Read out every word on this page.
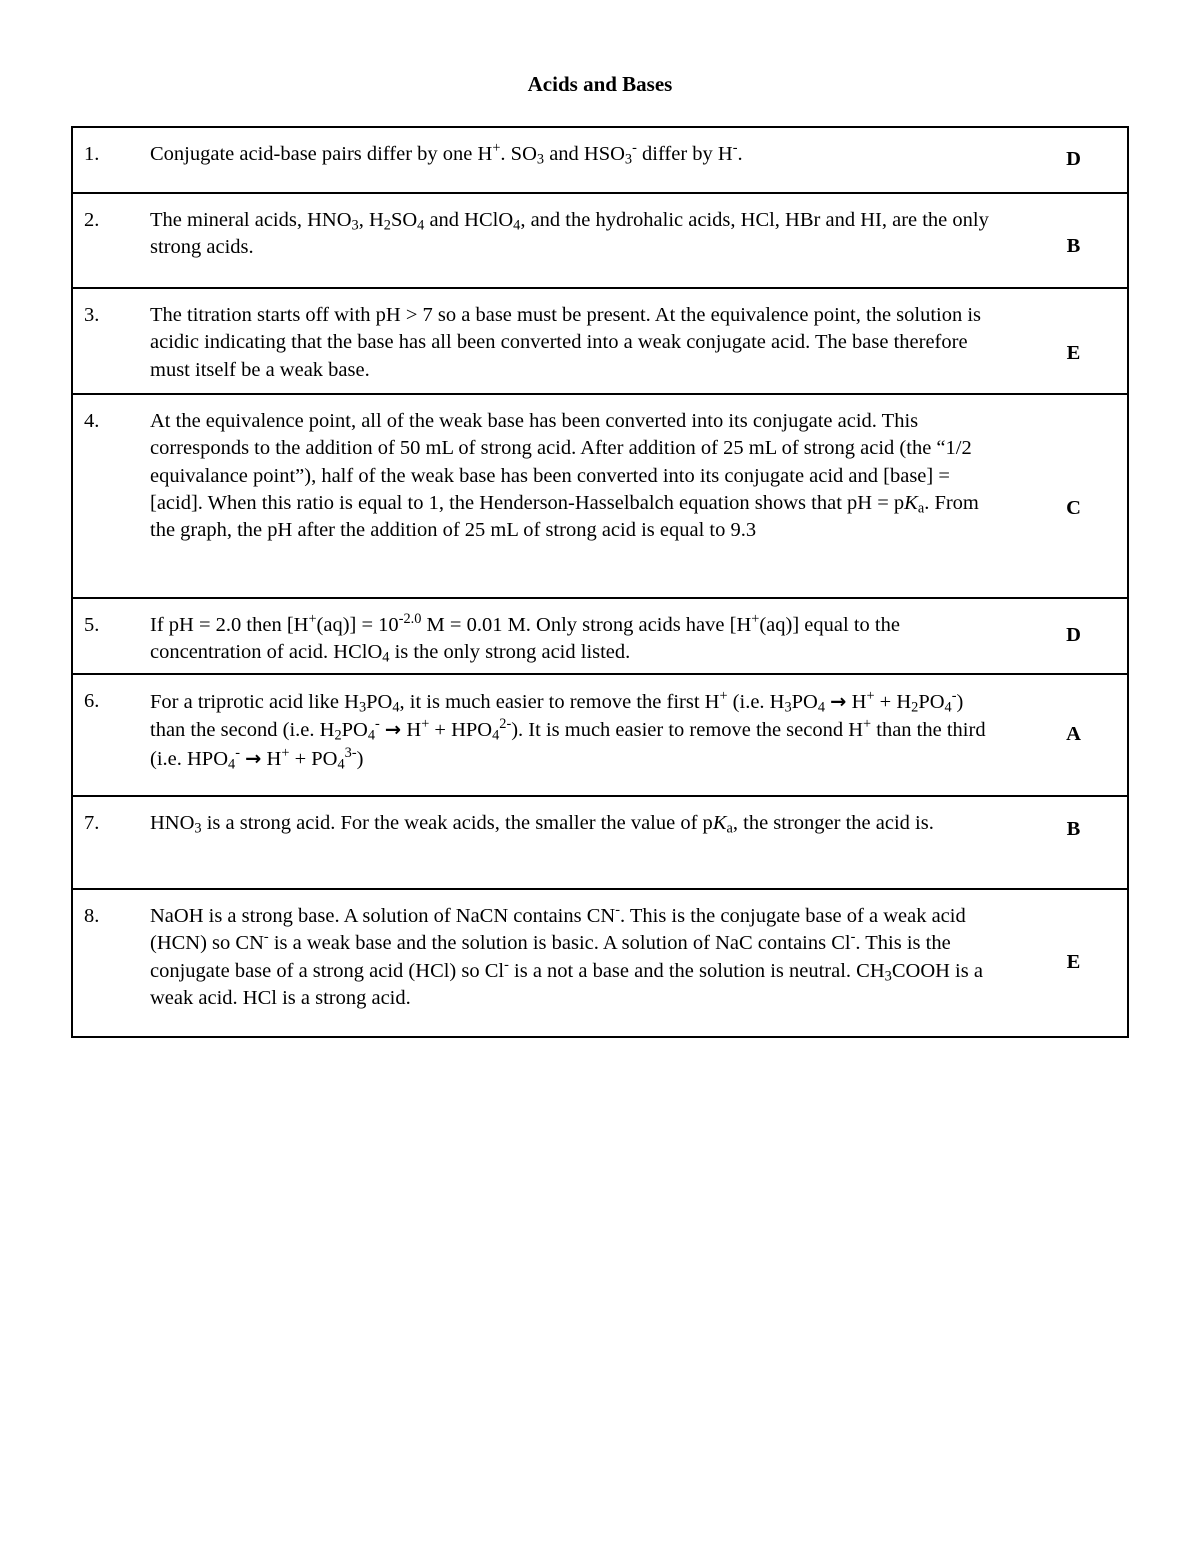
Acids and Bases
1.	Conjugate acid-base pairs differ by one H+. $SO_3$ and $HSO_3^-$ differ by H-.	D
2.	The mineral acids, $HNO_3$, $H_2SO_4$ and HClO$_4$, and the hydrohalic acids, HCl, HBr and HI, are the only strong acids.	B
3.	The titration starts off with pH > 7 so a base must be present. At the equivalence point, the solution is acidic indicating that the base has all been converted into a weak conjugate acid. The base therefore must itself be a weak base.	E
4.	At the equivalence point, all of the weak base has been converted into its conjugate acid. This corresponds to the addition of 50 mL of strong acid. After addition of 25 mL of strong acid (the “1/2 equivalance point”), half of the weak base has been converted into its conjugate acid and [base] = [acid]. When this ratio is equal to 1, the Henderson-Hasselbalch equation shows that pH = $pK_a$. From the graph, the pH after the addition of 25 mL of strong acid is equal to 9.3	C
5.	If pH = 2.0 then $[H^+(aq)] = 10^{-2.0}$ M = 0.01 M. Only strong acids have [H+(aq)] equal to the concentration of acid. HClO$_4$ is the only strong acid listed.	D
6.	For a triprotic acid like $H_3PO_4$, it is much easier to remove the first H+ (i.e. $H_3PO_4 \to H^+ + H_2PO_4^-$) than the second (i.e. $H_2PO_4^- \to H^+ + HPO_4^{2-}$). It is much easier to remove the second H+ than the third (i.e. $HPO_4^- \to H^+ + PO_4^{3-}$)	A
7.	$HNO_3$ is a strong acid. For the weak acids, the smaller the value of $pK_a$, the stronger the acid is.	B
8.	NaOH is a strong base. A solution of NaCN contains CN-. This is the conjugate base of a weak acid (HCN) so CN- is a weak base and the solution is basic. A solution of NaC contains Cl-. This is the conjugate base of a strong acid (HCl) so Cl- is a not a base and the solution is neutral. $CH_3COOH$ is a weak acid. HCl is a strong acid.	E
